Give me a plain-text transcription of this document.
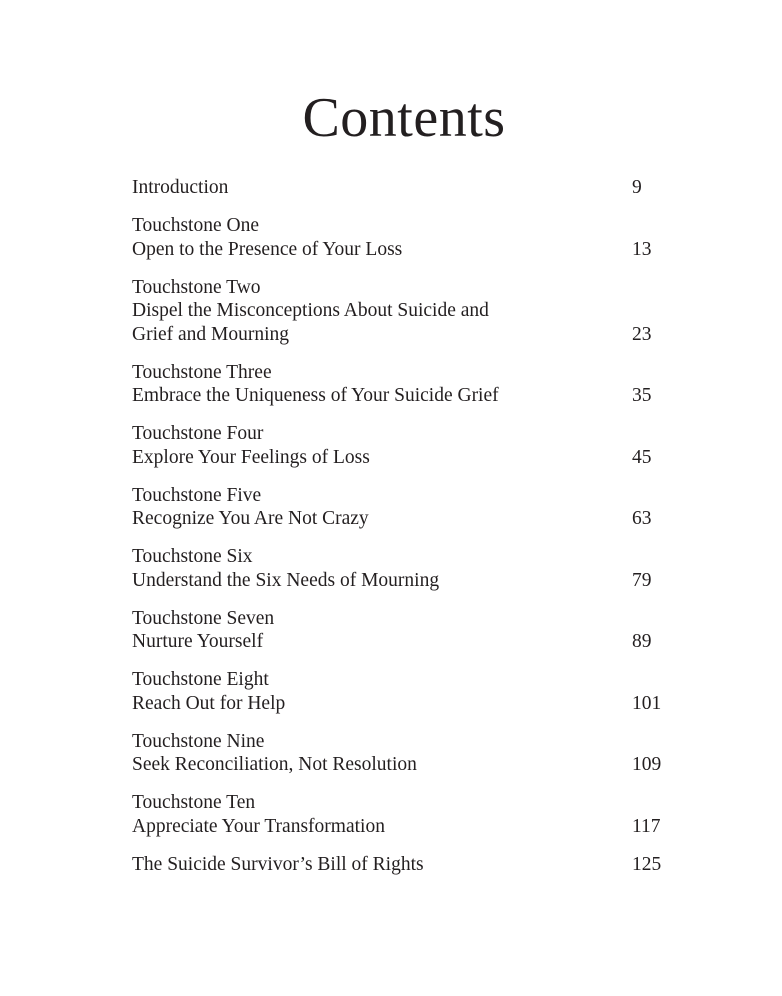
Contents
Introduction	9
Touchstone One
Open to the Presence of Your Loss	13
Touchstone Two
Dispel the Misconceptions About Suicide and
Grief and Mourning	23
Touchstone Three
Embrace the Uniqueness of Your Suicide Grief	35
Touchstone Four
Explore Your Feelings of Loss	45
Touchstone Five
Recognize You Are Not Crazy	63
Touchstone Six
Understand the Six Needs of Mourning	79
Touchstone Seven
Nurture Yourself	89
Touchstone Eight
Reach Out for Help	101
Touchstone Nine
Seek Reconciliation, Not Resolution	109
Touchstone Ten
Appreciate Your Transformation	117
The Suicide Survivor’s Bill of Rights	125
